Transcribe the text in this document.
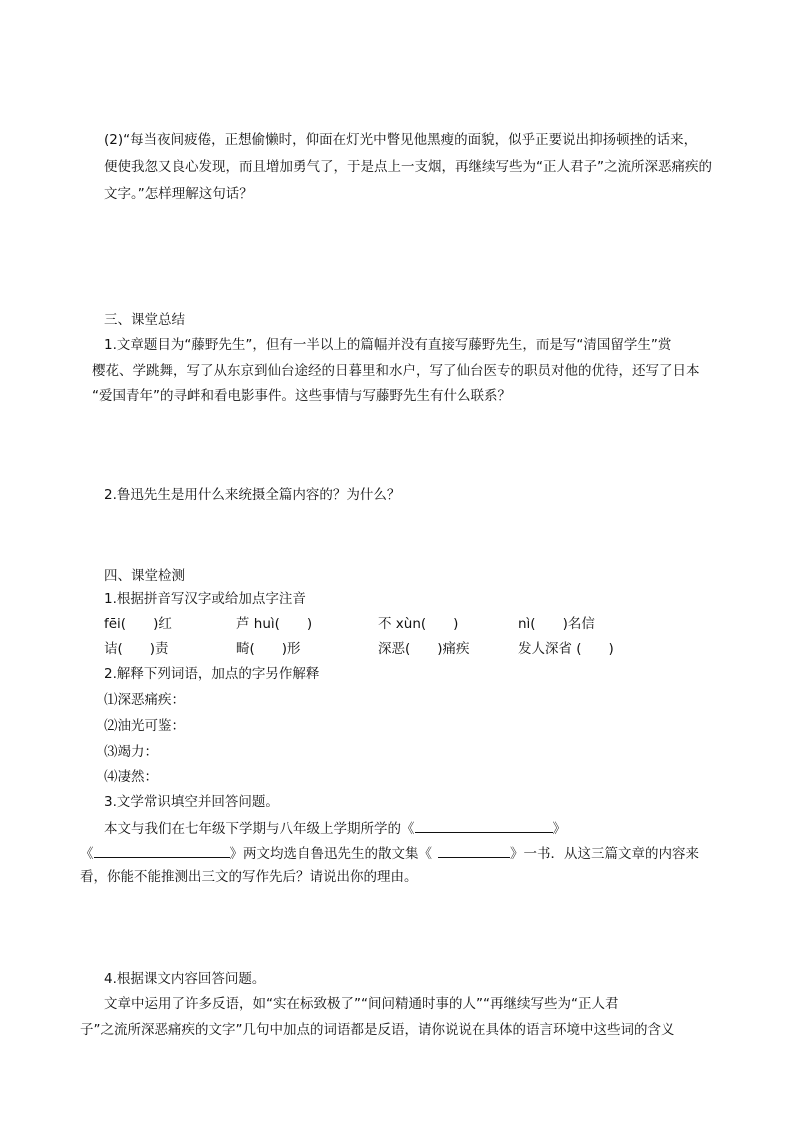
(2)“每当夜间疲倦，正想偷懒时，仰面在灯光中瞥见他黑瘦的面貌，似乎正要说出抑扬顿挫的话来，
便使我忽又良心发现，而且增加勇气了，于是点上一支烟，再继续写些为“正人君子”之流所深恶痛疾的
文字。”怎样理解这句话？
三、课堂总结
1.文章题目为“藤野先生”，但有一半以上的篇幅并没有直接写藤野先生，而是写“清国留学生”赏
樱花、学跳舞，写了从东京到仙台途经的日暮里和水户，写了仙台医专的职员对他的优待，还写了日本
“爱国青年”的寻衅和看电影事件。这些事情与写藤野先生有什么联系？
2.鲁迅先生是用什么来统摄全篇内容的？为什么？
四、课堂检测
1.根据拼音写汉字或给加点字注音
fēi(　　)红	芦 huì(　　)	不 xùn(　　)	nì(　　)名信
诘(　　)责	畸(　　)形	深恶(　　)痛疾	发人深省 (　　)
2.解释下列词语，加点的字另作解释
⑴深恶痛疾：
⑵油光可鉴：
⑶竭力：
⑷凄然：
3.文学常识填空并回答问题。
本文与我们在七年级下学期与八年级上学期所学的《	》
《	》两文均选自鲁迅先生的散文集《	》一书．从这三篇文章的内容来
看，你能不能推测出三文的写作先后？请说出你的理由。
4.根据课文内容回答问题。
文章中运用了许多反语，如“实在标致极了”“间问精通时事的人”“再继续写些为“正人君
子”之流所深恶痛疾的文字”几句中加点的词语都是反语，请你说说在具体的语言环境中这些词的含义
